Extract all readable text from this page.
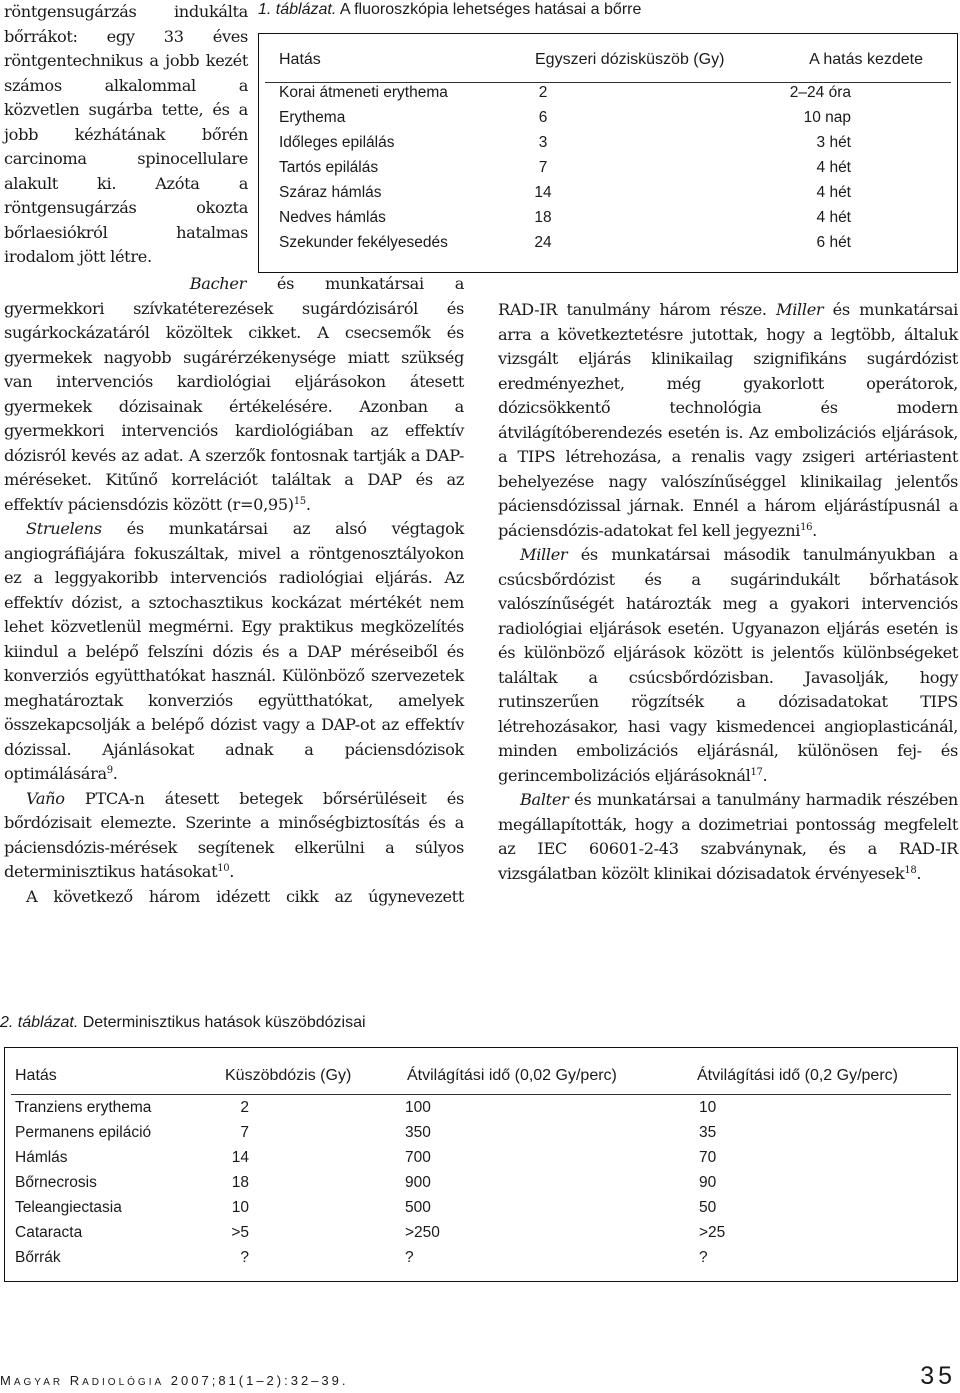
röntgensugárzás indukálta bőrrákot: egy 33 éves röntgentechnikus a jobb kezét számos alkalommal a közvetlen sugárba tette, és a jobb kézhátának bőrén carcinoma spinocellulare alakult ki. Azóta a röntgensugárzás okozta bőrlaesiókról hatalmas irodalom jött létre.

1. táblázat. A fluoroszkópia lehetséges hatásai a bőrre
Hatás	Egyszeri dózisküszöb (Gy)	A hatás kezdete
Korai átmeneti erythema	2	2–24 óra
Erythema	6	10 nap
Időleges epilálás	3	3 hét
Tartós epilálás	7	4 hét
Száraz hámlás	14	4 hét
Nedves hámlás	18	4 hét
Szekunder fekélyesedés	24	6 hét

Bacher és munkatársai a gyermekkori szívkatéterezések sugárdózisáról és sugárkockázatáról közöltek cikket. A csecsemők és gyermekek nagyobb sugárérzékenysége miatt szükség van intervenciós kardiológiai eljárásokon átesett gyermekek dózisainak értékelésére. Azonban a gyermekkori intervenciós kardiológiában az effektív dózisról kevés az adat. A szerzők fontosnak tartják a DAP-méréseket. Kitűnő korrelációt találtak a DAP és az effektív páciensdózis között (r=0,95)$^{15}$.

Struelens és munkatársai az alsó végtagok angiográfiájára fokuszáltak, mivel a röntgenosztályokon ez a leggyakoribb intervenciós radiológiai eljárás. Az effektív dózist, a sztochasztikus kockázat mértékét nem lehet közvetlenül megmérni. Egy praktikus megközelítés kiindul a belépő felszíni dózis és a DAP méréseiből és konverziós együtthatókat használ. Különböző szervezetek meghatároztak konverziós együtthatókat, amelyek összekapcsolják a belépő dózist vagy a DAP-ot az effektív dózissal. Ajánlásokat adnak a páciensdózisok optimálására$^9$.

Vaño PTCA-n átesett betegek bőrsérüléseit és bőrdózisait elemezte. Szerinte a minőségbiztosítás és a páciensdózis-mérések segítenek elkerülni a súlyos determinisztikus hatásokat$^{10}$.

A következő három idézett cikk az úgynevezett

RAD-IR tanulmány három része. Miller és munkatársai arra a következtetésre jutottak, hogy a legtöbb, általuk vizsgált eljárás klinikailag szignifikáns sugárdózist eredményezhet, még gyakorlott operátorok, dózicsökkentő technológia és modern átvilágítóberendezés esetén is. Az embolizációs eljárások, a TIPS létrehozása, a renalis vagy zsigeri artériastent behelyezése nagy valószínűséggel klinikailag jelentős páciensdózissal járnak. Ennél a három eljárástípusnál a páciensdózis-adatokat fel kell jegyezni$^{16}$.

Miller és munkatársai második tanulmányukban a csúcsbőrdózist és a sugárindukált bőrhatások valószínűségét határozták meg a gyakori intervenciós radiológiai eljárások esetén. Ugyanazon eljárás esetén is és különböző eljárások között is jelentős különbségeket találtak a csúcsbőrdózisban. Javasolják, hogy rutinszerűen rögzítsék a dózisadatokat TIPS létrehozásakor, hasi vagy kismedencei angioplasticánál, minden embolizációs eljárásnál, különösen fej- és gerincembolizációs eljárásoknál$^{17}$.

Balter és munkatársai a tanulmány harmadik részében megállapították, hogy a dozimetriai pontosság megfelelt az IEC 60601-2-43 szabványnak, és a RAD-IR vizsgálatban közölt klinikai dózisadatok érvényesek$^{18}$.

2. táblázat. Determinisztikus hatások küszöbdózisai
Hatás	Küszöbdózis (Gy)	Átvilágítási idő (0,02 Gy/perc)	Átvilágítási idő (0,2 Gy/perc)
Tranziens erythema	2	100	10
Permanens epiláció	7	350	35
Hámlás	14	700	70
Bőrnecrosis	18	900	90
Teleangiectasia	10	500	50
Cataracta	>5	>250	>25
Bőrrák	?	?	?
MAGYAR RADIOLÓGIA 2007;81(1–2):32–39.	35
